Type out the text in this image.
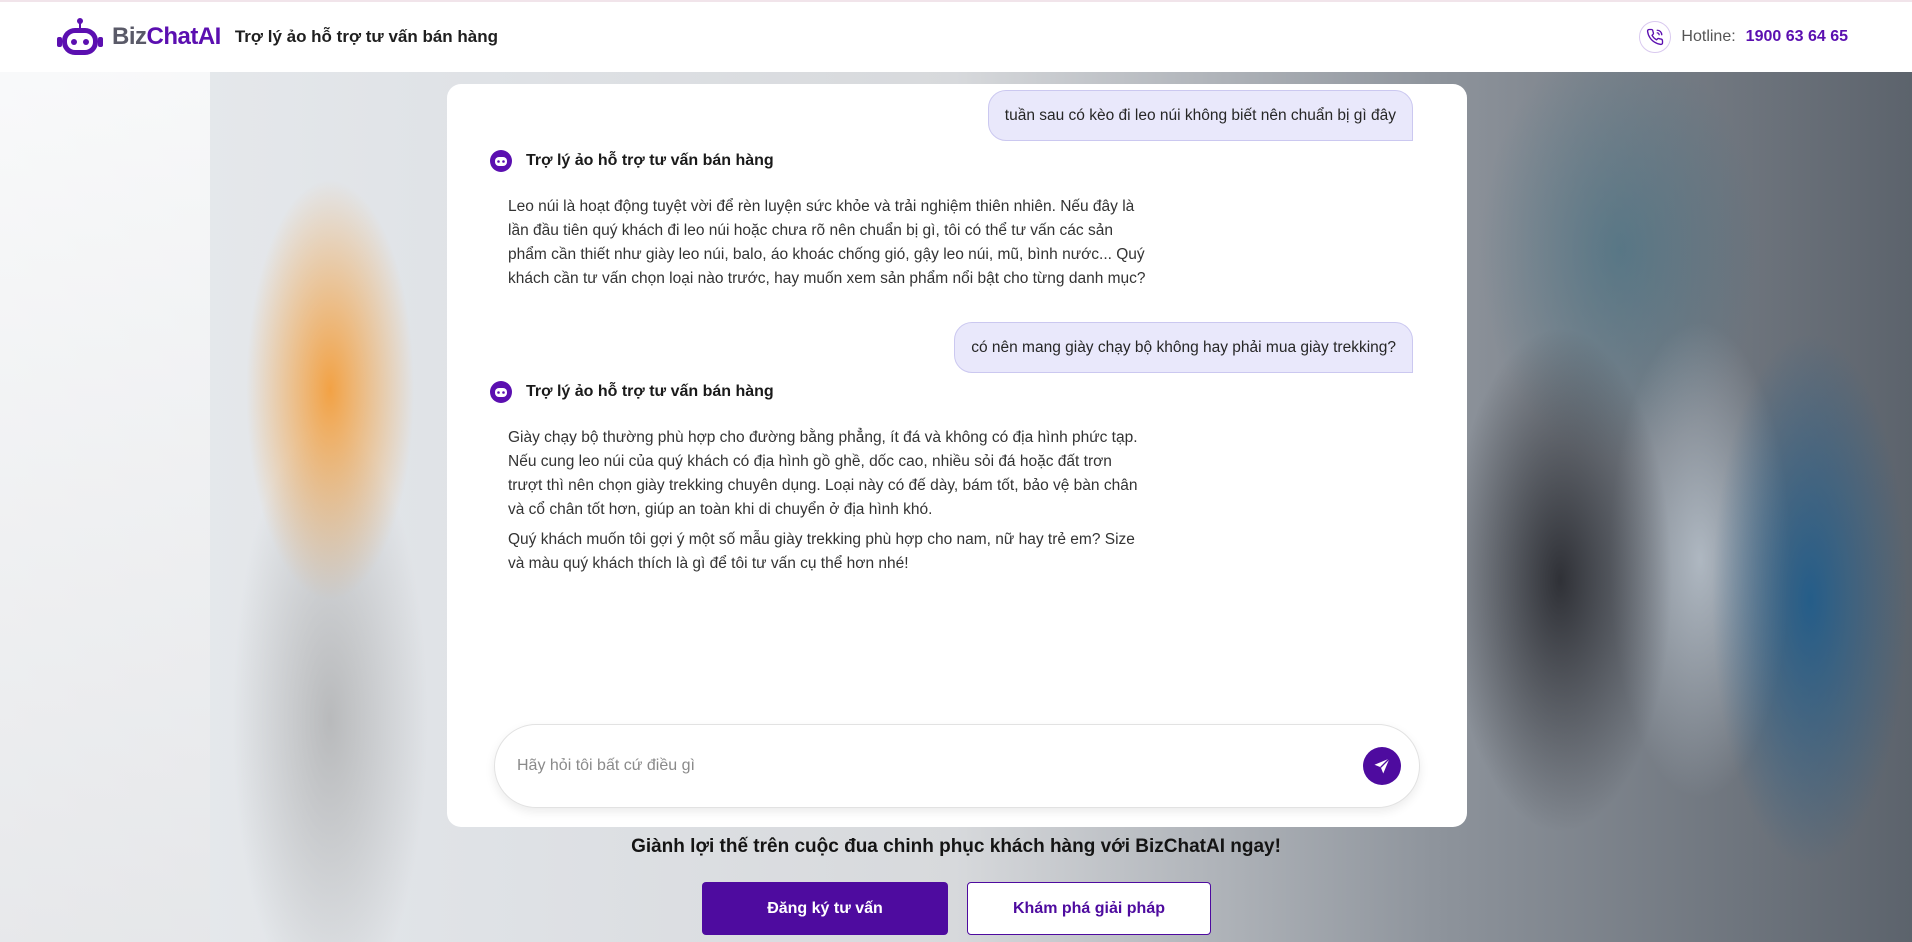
BizChatAI Trợ lý ảo hỗ trợ tư vấn bán hàng	Hotline: 1900 63 64 65
tuần sau có kèo đi leo núi không biết nên chuẩn bị gì đây
Trợ lý ảo hỗ trợ tư vấn bán hàng

Leo núi là hoạt động tuyệt vời để rèn luyện sức khỏe và trải nghiệm thiên nhiên. Nếu đây là lần đầu tiên quý khách đi leo núi hoặc chưa rõ nên chuẩn bị gì, tôi có thể tư vấn các sản phẩm cần thiết như giày leo núi, balo, áo khoác chống gió, gậy leo núi, mũ, bình nước... Quý khách cần tư vấn chọn loại nào trước, hay muốn xem sản phẩm nổi bật cho từng danh mục?

có nên mang giày chạy bộ không hay phải mua giày trekking?
Trợ lý ảo hỗ trợ tư vấn bán hàng

Giày chạy bộ thường phù hợp cho đường bằng phẳng, ít đá và không có địa hình phức tạp. Nếu cung leo núi của quý khách có địa hình gồ ghề, dốc cao, nhiều sỏi đá hoặc đất trơn trượt thì nên chọn giày trekking chuyên dụng. Loại này có đế dày, bám tốt, bảo vệ bàn chân và cổ chân tốt hơn, giúp an toàn khi di chuyển ở địa hình khó.

Quý khách muốn tôi gợi ý một số mẫu giày trekking phù hợp cho nam, nữ hay trẻ em? Size và màu quý khách thích là gì để tôi tư vấn cụ thể hơn nhé!

Hãy hỏi tôi bất cứ điều gì
Giành lợi thế trên cuộc đua chinh phục khách hàng với BizChatAI ngay!
Đăng ký tư vấn	Khám phá giải pháp
